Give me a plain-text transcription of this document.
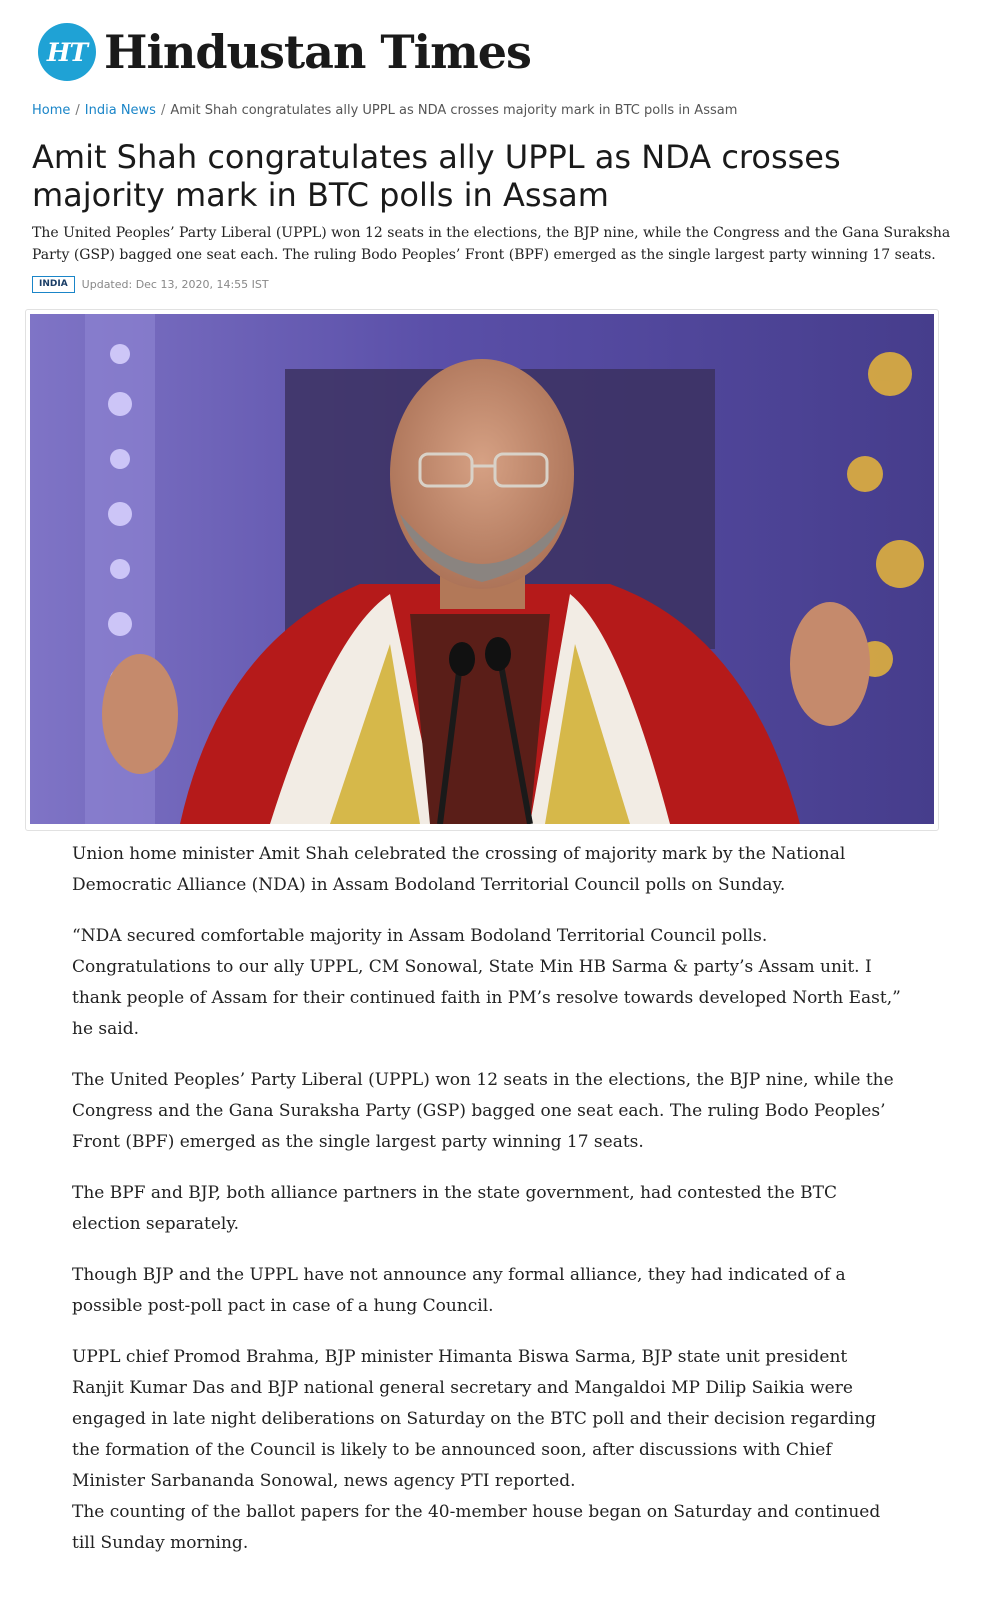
HT Hindustan Times
Home / India News / Amit Shah congratulates ally UPPL as NDA crosses majority mark in BTC polls in Assam
Amit Shah congratulates ally UPPL as NDA crosses majority mark in BTC polls in Assam

The United Peoples’ Party Liberal (UPPL) won 12 seats in the elections, the BJP nine, while the Congress and the Gana Suraksha Party (GSP) bagged one seat each. The ruling Bodo Peoples’ Front (BPF) emerged as the single largest party winning 17 seats.

INDIA	Updated: Dec 13, 2020, 14:55 IST

Union home minister Amit Shah celebrated the crossing of majority mark by the National Democratic Alliance (NDA) in Assam Bodoland Territorial Council polls on Sunday.

“NDA secured comfortable majority in Assam Bodoland Territorial Council polls. Congratulations to our ally UPPL, CM Sonowal, State Min HB Sarma & party’s Assam unit. I thank people of Assam for their continued faith in PM’s resolve towards developed North East,” he said.

The United Peoples’ Party Liberal (UPPL) won 12 seats in the elections, the BJP nine, while the Congress and the Gana Suraksha Party (GSP) bagged one seat each. The ruling Bodo Peoples’ Front (BPF) emerged as the single largest party winning 17 seats.

The BPF and BJP, both alliance partners in the state government, had contested the BTC election separately.

Though BJP and the UPPL have not announce any formal alliance, they had indicated of a possible post-poll pact in case of a hung Council.

UPPL chief Promod Brahma, BJP minister Himanta Biswa Sarma, BJP state unit president Ranjit Kumar Das and BJP national general secretary and Mangaldoi MP Dilip Saikia were engaged in late night deliberations on Saturday on the BTC poll and their decision regarding the formation of the Council is likely to be announced soon, after discussions with Chief Minister Sarbananda Sonowal, news agency PTI reported.

The counting of the ballot papers for the 40-member house began on Saturday and continued till Sunday morning.
